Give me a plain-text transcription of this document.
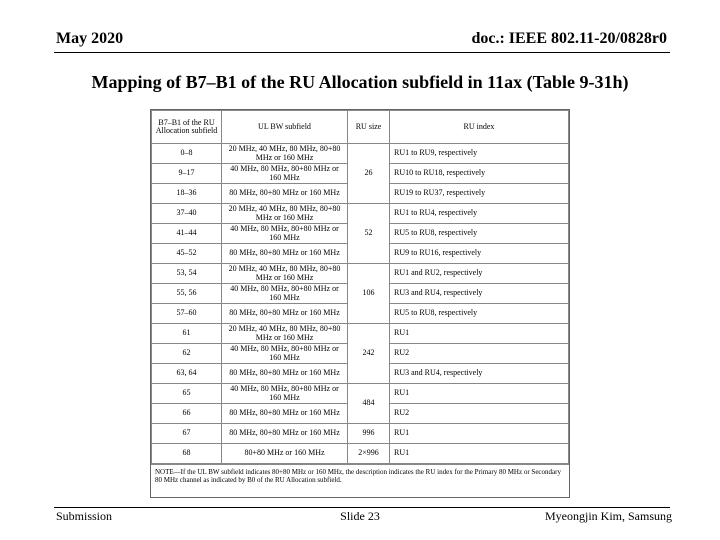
May 2020	doc.: IEEE 802.11-20/0828r0
Mapping of B7–B1 of the RU Allocation subfield in 11ax (Table 9-31h)
B7–B1 of the RU Allocation subfield	UL BW subfield	RU size	RU index
0–8	20 MHz, 40 MHz, 80 MHz, 80+80 MHz or 160 MHz	26	RU1 to RU9, respectively
9–17	40 MHz, 80 MHz, 80+80 MHz or 160 MHz		RU10 to RU18, respectively
18–36	80 MHz, 80+80 MHz or 160 MHz		RU19 to RU37, respectively
37–40	20 MHz, 40 MHz, 80 MHz, 80+80 MHz or 160 MHz	52	RU1 to RU4, respectively
41–44	40 MHz, 80 MHz, 80+80 MHz or 160 MHz		RU5 to RU8, respectively
45–52	80 MHz, 80+80 MHz or 160 MHz		RU9 to RU16, respectively
53, 54	20 MHz, 40 MHz, 80 MHz, 80+80 MHz or 160 MHz	106	RU1 and RU2, respectively
55, 56	40 MHz, 80 MHz, 80+80 MHz or 160 MHz		RU3 and RU4, respectively
57–60	80 MHz, 80+80 MHz or 160 MHz		RU5 to RU8, respectively
61	20 MHz, 40 MHz, 80 MHz, 80+80 MHz or 160 MHz	242	RU1
62	40 MHz, 80 MHz, 80+80 MHz or 160 MHz		RU2
63, 64	80 MHz, 80+80 MHz or 160 MHz		RU3 and RU4, respectively
65	40 MHz, 80 MHz, 80+80 MHz or 160 MHz	484	RU1
66	80 MHz, 80+80 MHz or 160 MHz		RU2
67	80 MHz, 80+80 MHz or 160 MHz	996	RU1
68	80+80 MHz or 160 MHz	2×996	RU1
NOTE—If the UL BW subfield indicates 80+80 MHz or 160 MHz, the description indicates the RU index for the Primary 80 MHz or Secondary 80 MHz channel as indicated by B0 of the RU Allocation subfield.
Submission	Slide 23	Myeongjin Kim, Samsung
